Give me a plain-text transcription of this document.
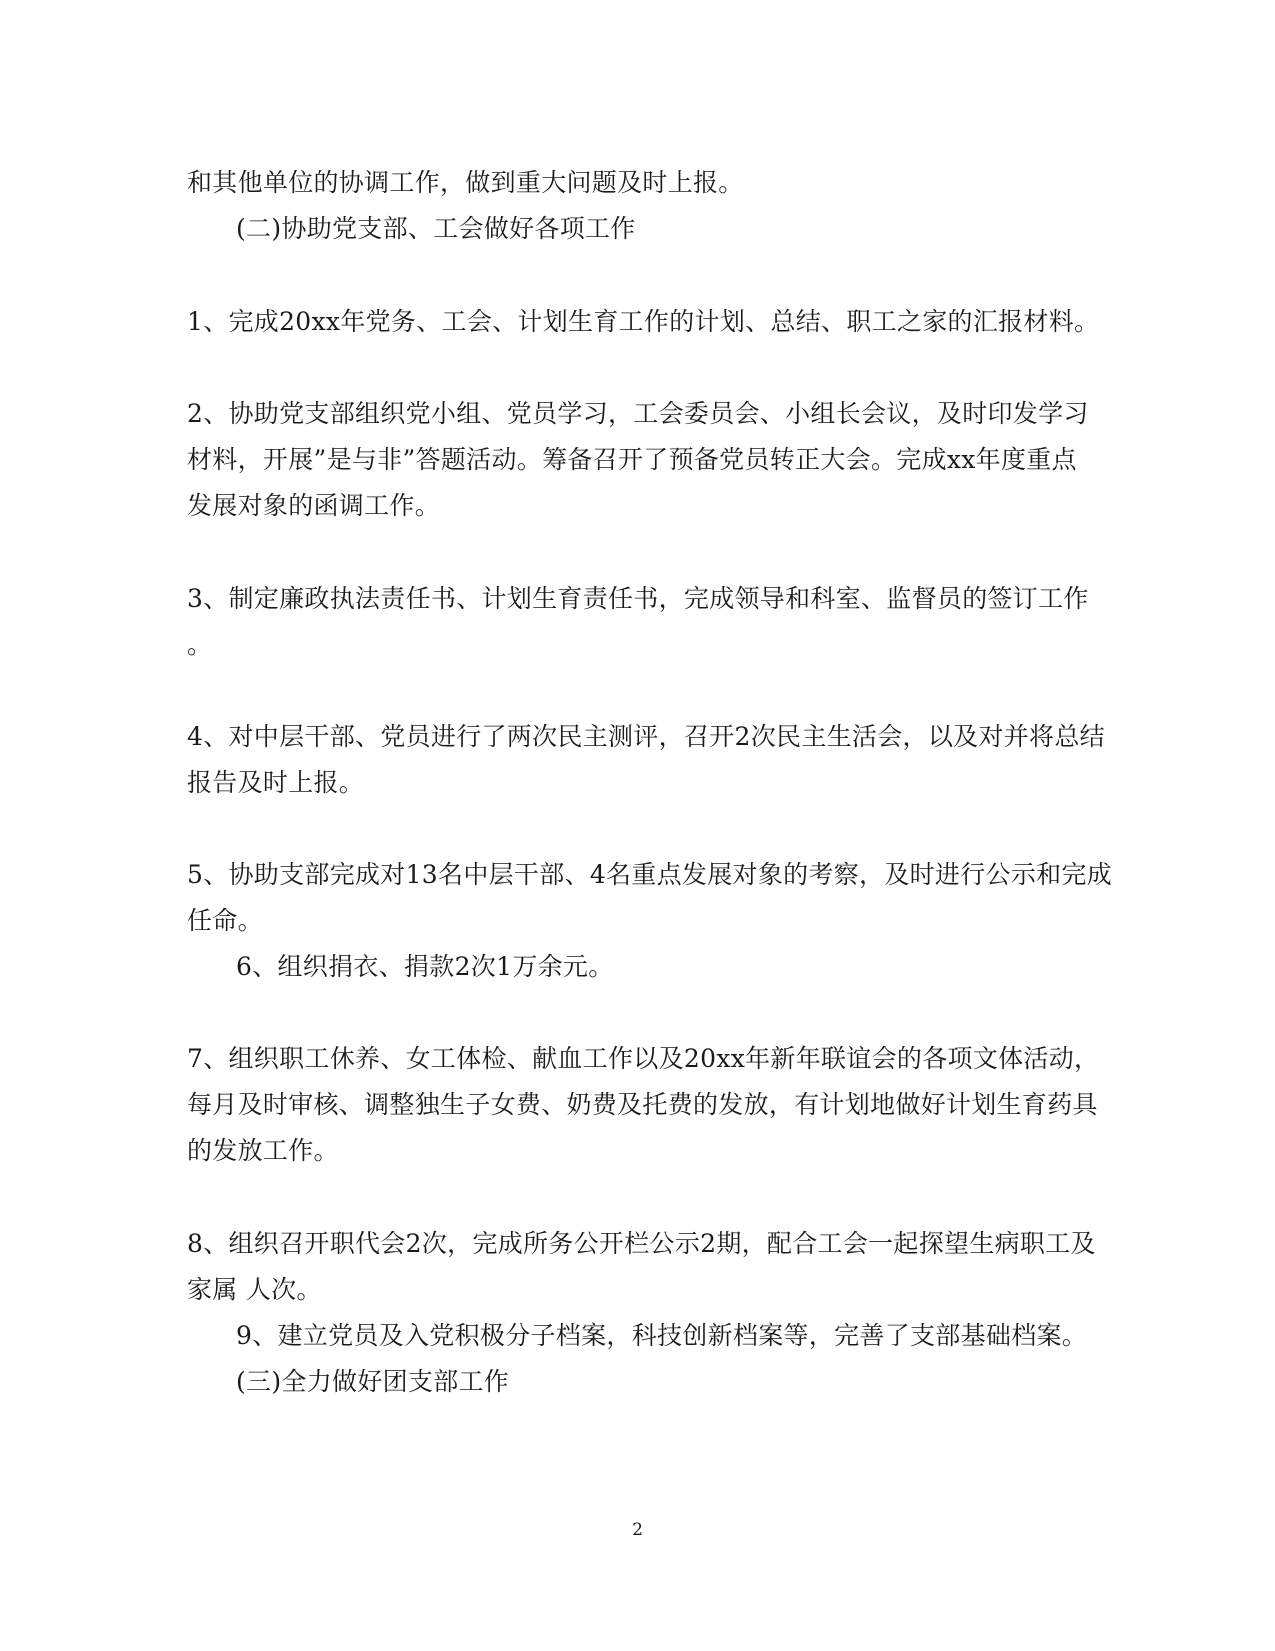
和其他单位的协调工作，做到重大问题及时上报。
(二)协助党支部、工会做好各项工作
1、完成20xx年党务、工会、计划生育工作的计划、总结、职工之家的汇报材料。
2、协助党支部组织党小组、党员学习，工会委员会、小组长会议，及时印发学习
材料，开展”是与非”答题活动。筹备召开了预备党员转正大会。完成xx年度重点
发展对象的函调工作。
3、制定廉政执法责任书、计划生育责任书，完成领导和科室、监督员的签订工作
。
4、对中层干部、党员进行了两次民主测评，召开2次民主生活会，以及对并将总结
报告及时上报。
5、协助支部完成对13名中层干部、4名重点发展对象的考察，及时进行公示和完成
任命。
6、组织捐衣、捐款2次1万余元。
7、组织职工休养、女工体检、献血工作以及20xx年新年联谊会的各项文体活动，
每月及时审核、调整独生子女费、奶费及托费的发放，有计划地做好计划生育药具
的发放工作。
8、组织召开职代会2次，完成所务公开栏公示2期，配合工会一起探望生病职工及
家属 人次。
9、建立党员及入党积极分子档案，科技创新档案等，完善了支部基础档案。
(三)全力做好团支部工作
2
